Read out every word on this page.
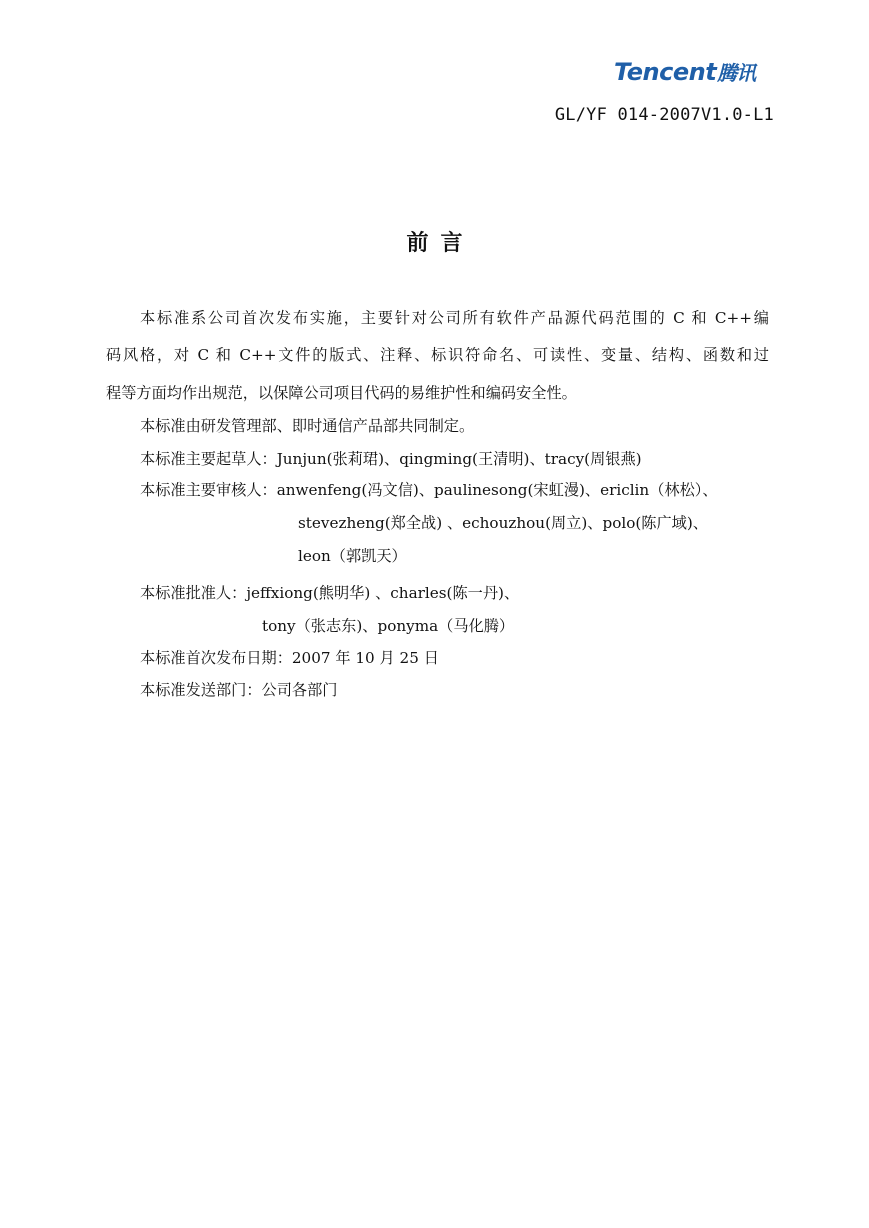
Tencent 腾讯
GL/YF 014-2007V1.0-L1
前言
本标准系公司首次发布实施，主要针对公司所有软件产品源代码范围的 C 和 C++编
码风格，对 C 和 C++文件的版式、注释、标识符命名、可读性、变量、结构、函数和过
程等方面均作出规范，以保障公司项目代码的易维护性和编码安全性。
本标准由研发管理部、即时通信产品部共同制定。
本标准主要起草人：Junjun(张莉珺)、qingming(王清明)、tracy(周银燕)
本标准主要审核人：anwenfeng(冯文信)、paulinesong(宋虹漫)、ericlin（林松）、
stevezheng(郑全战) 、echouzhou(周立)、polo(陈广域)、
leon（郭凯天）
本标准批准人：jeffxiong(熊明华) 、charles(陈一丹)、
tony（张志东)、ponyma（马化腾）
本标准首次发布日期：2007 年 10 月 25 日
本标准发送部门：公司各部门
